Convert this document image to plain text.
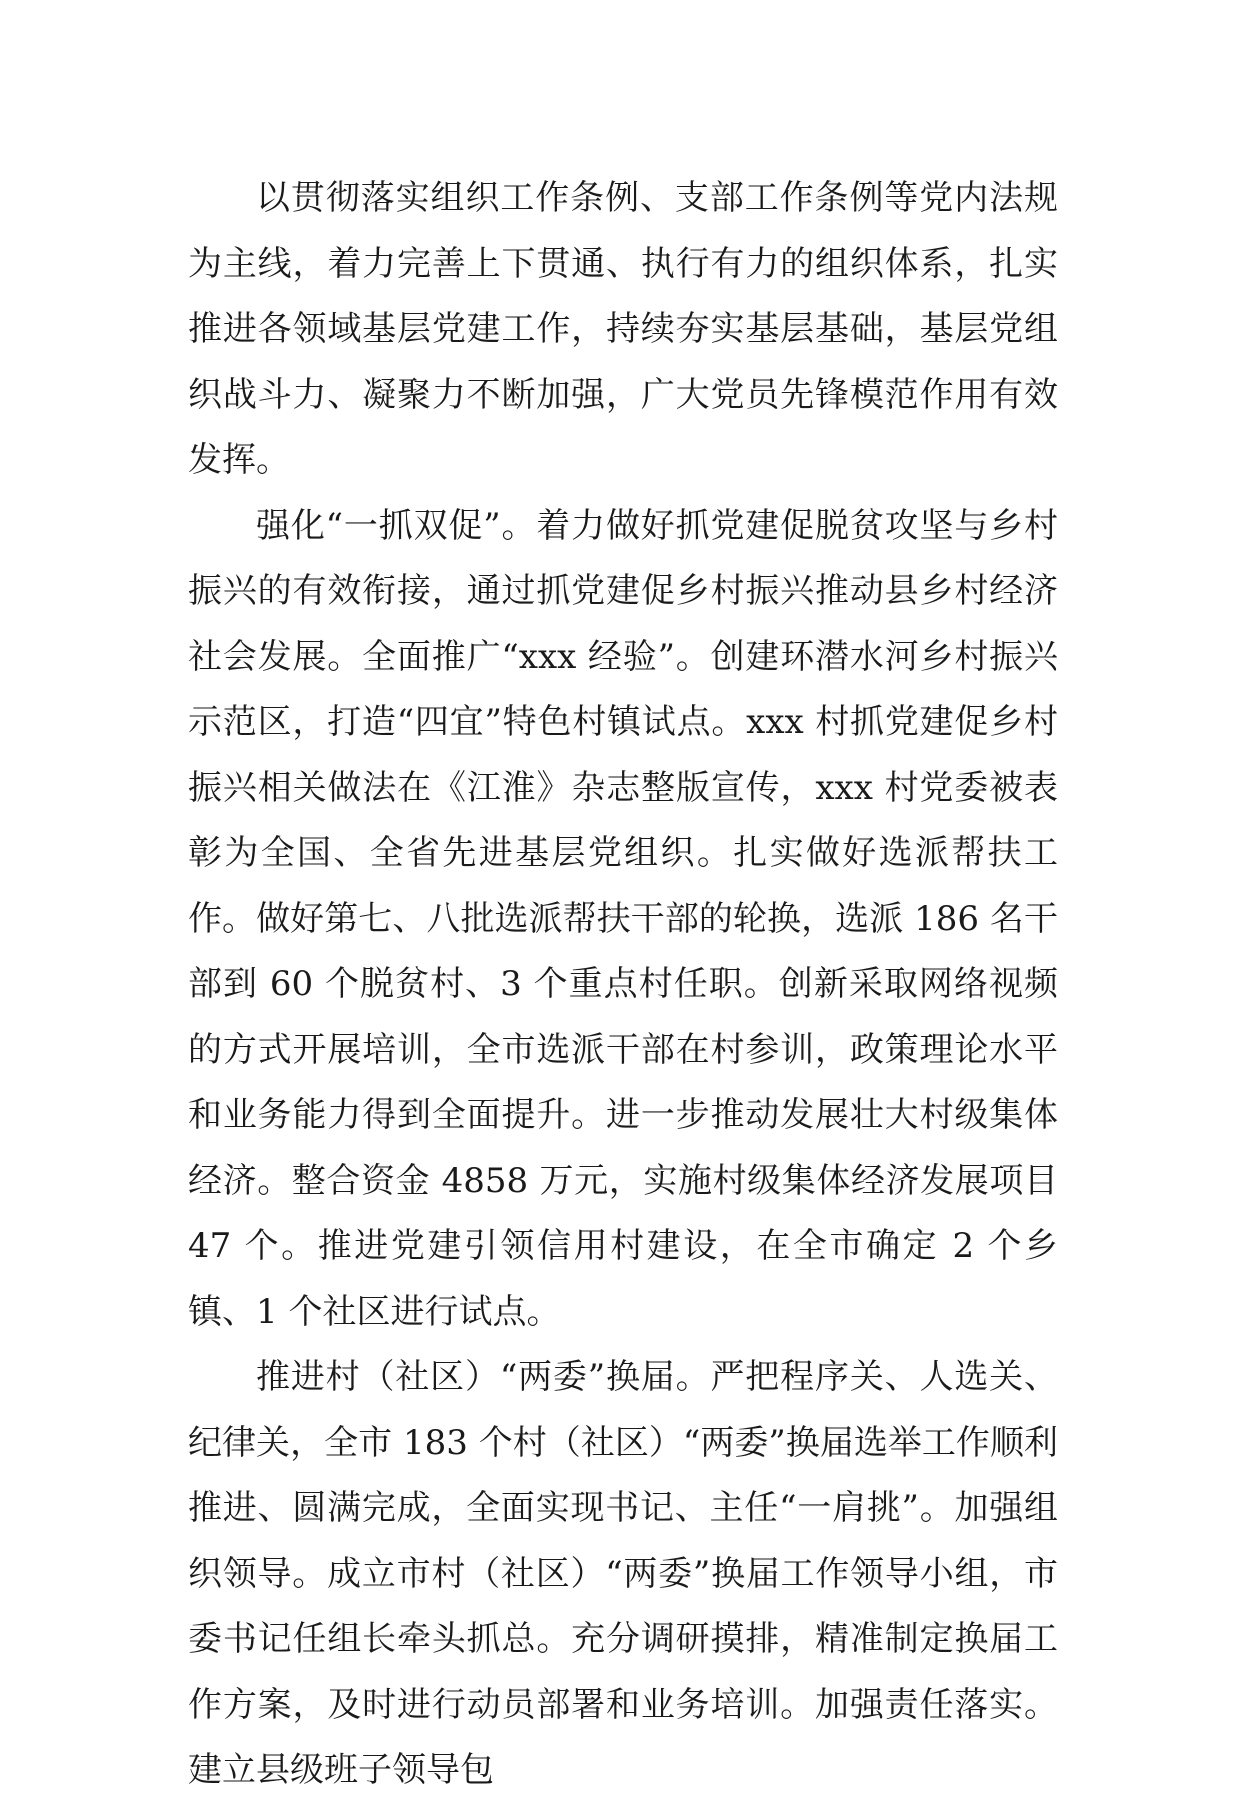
以贯彻落实组织工作条例、支部工作条例等党内法规为主线，着力完善上下贯通、执行有力的组织体系，扎实推进各领域基层党建工作，持续夯实基层基础，基层党组织战斗力、凝聚力不断加强，广大党员先锋模范作用有效发挥。

强化“一抓双促”。着力做好抓党建促脱贫攻坚与乡村振兴的有效衔接，通过抓党建促乡村振兴推动县乡村经济社会发展。全面推广“xxx 经验”。创建环潜水河乡村振兴示范区，打造“四宜”特色村镇试点。xxx 村抓党建促乡村振兴相关做法在《江淮》杂志整版宣传，xxx 村党委被表彰为全国、全省先进基层党组织。扎实做好选派帮扶工作。做好第七、八批选派帮扶干部的轮换，选派 186 名干部到 60 个脱贫村、3 个重点村任职。创新采取网络视频的方式开展培训，全市选派干部在村参训，政策理论水平和业务能力得到全面提升。进一步推动发展壮大村级集体经济。整合资金 4858 万元，实施村级集体经济发展项目 47 个。推进党建引领信用村建设，在全市确定 2 个乡镇、1 个社区进行试点。

推进村（社区）“两委”换届。严把程序关、人选关、纪律关，全市 183 个村（社区）“两委”换届选举工作顺利推进、圆满完成，全面实现书记、主任“一肩挑”。加强组织领导。成立市村（社区）“两委”换届工作领导小组，市委书记任组长牵头抓总。充分调研摸排，精准制定换届工作方案，及时进行动员部署和业务培训。加强责任落实。建立县级班子领导包
